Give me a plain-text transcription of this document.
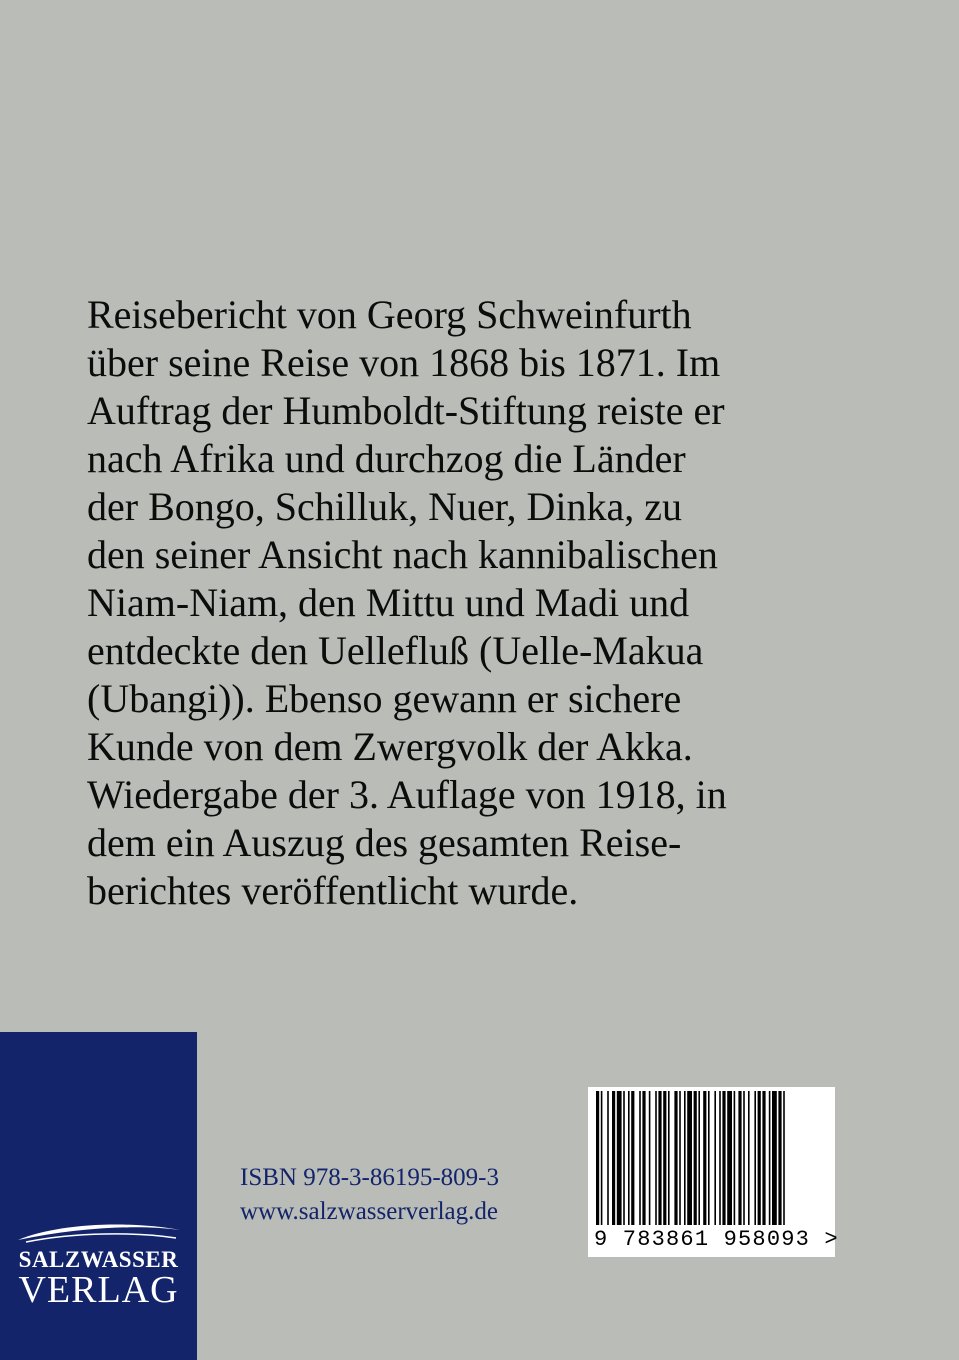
Reisebericht von Georg Schweinfurth
über seine Reise von 1868 bis 1871. Im
Auftrag der Humboldt-Stiftung reiste er
nach Afrika und durchzog die Länder
der Bongo, Schilluk, Nuer, Dinka, zu
den seiner Ansicht nach kannibalischen
Niam-Niam, den Mittu und Madi und
entdeckte den Uellefluß (Uelle-Makua
(Ubangi)). Ebenso gewann er sichere
Kunde von dem Zwergvolk der Akka.
Wiedergabe der 3. Auflage von 1918, in
dem ein Auszug des gesamten Reise-
berichtes veröffentlicht wurde.

SALZWASSER
VERLAG
ISBN 978-3-86195-809-3
www.salzwasserverlag.de
9 783861 958093 >
